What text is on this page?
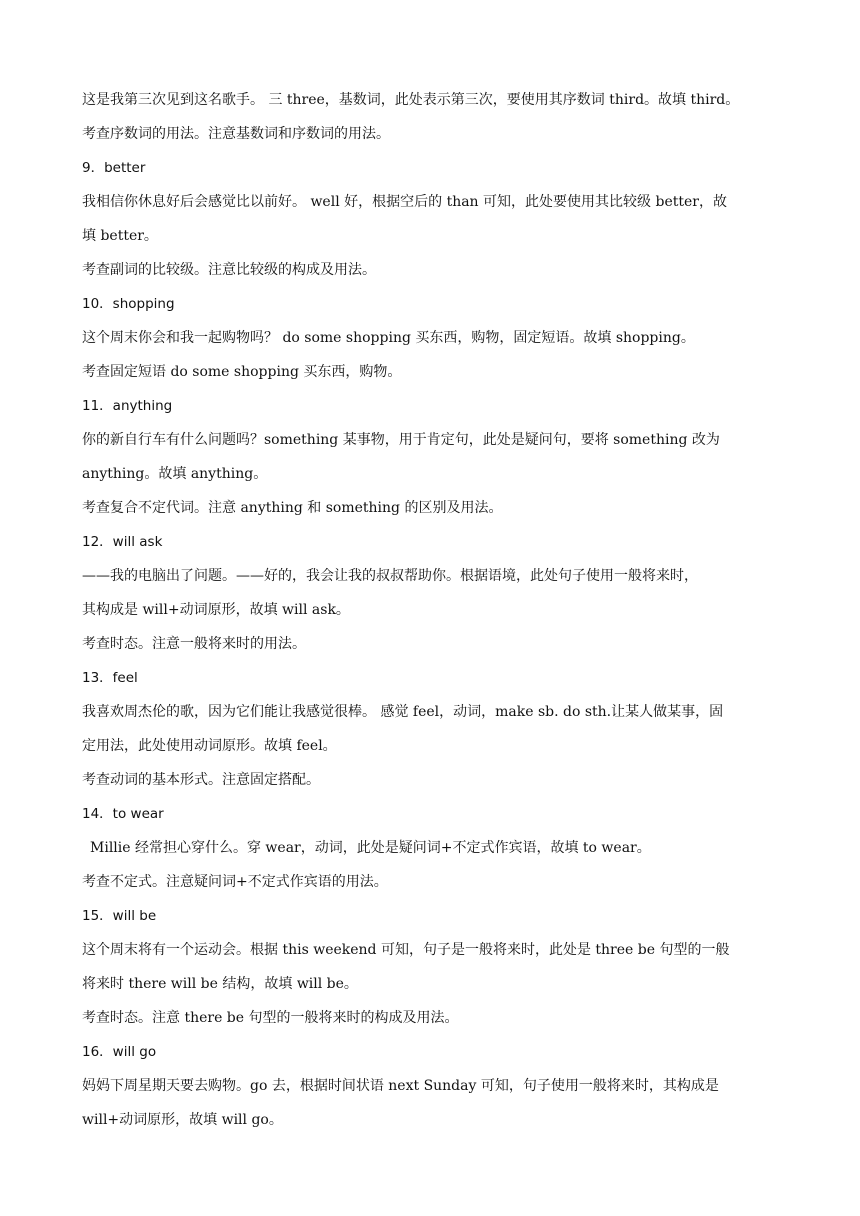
这是我第三次见到这名歌手。 三 three，基数词，此处表示第三次，要使用其序数词 third。故填 third。
考查序数词的用法。注意基数词和序数词的用法。
9．better
我相信你休息好后会感觉比以前好。 well 好，根据空后的 than 可知，此处要使用其比较级 better，故
填 better。
考查副词的比较级。注意比较级的构成及用法。
10．shopping
这个周末你会和我一起购物吗？ do some shopping 买东西，购物，固定短语。故填 shopping。
考查固定短语 do some shopping 买东西，购物。
11．anything
你的新自行车有什么问题吗？something 某事物，用于肯定句，此处是疑问句，要将 something 改为
anything。故填 anything。
考查复合不定代词。注意 anything 和 something 的区别及用法。
12．will ask
——我的电脑出了问题。——好的，我会让我的叔叔帮助你。根据语境，此处句子使用一般将来时，
其构成是 will+动词原形，故填 will ask。
考查时态。注意一般将来时的用法。
13．feel
我喜欢周杰伦的歌，因为它们能让我感觉很棒。 感觉 feel，动词，make sb. do sth.让某人做某事，固
定用法，此处使用动词原形。故填 feel。
考查动词的基本形式。注意固定搭配。
14．to wear
Millie 经常担心穿什么。穿 wear，动词，此处是疑问词+不定式作宾语，故填 to wear。
考查不定式。注意疑问词+不定式作宾语的用法。
15．will be
这个周末将有一个运动会。根据 this weekend 可知，句子是一般将来时，此处是 three be 句型的一般
将来时 there will be 结构，故填 will be。
考查时态。注意 there be 句型的一般将来时的构成及用法。
16．will go
妈妈下周星期天要去购物。go 去，根据时间状语 next Sunday 可知，句子使用一般将来时，其构成是
will+动词原形，故填 will go。
